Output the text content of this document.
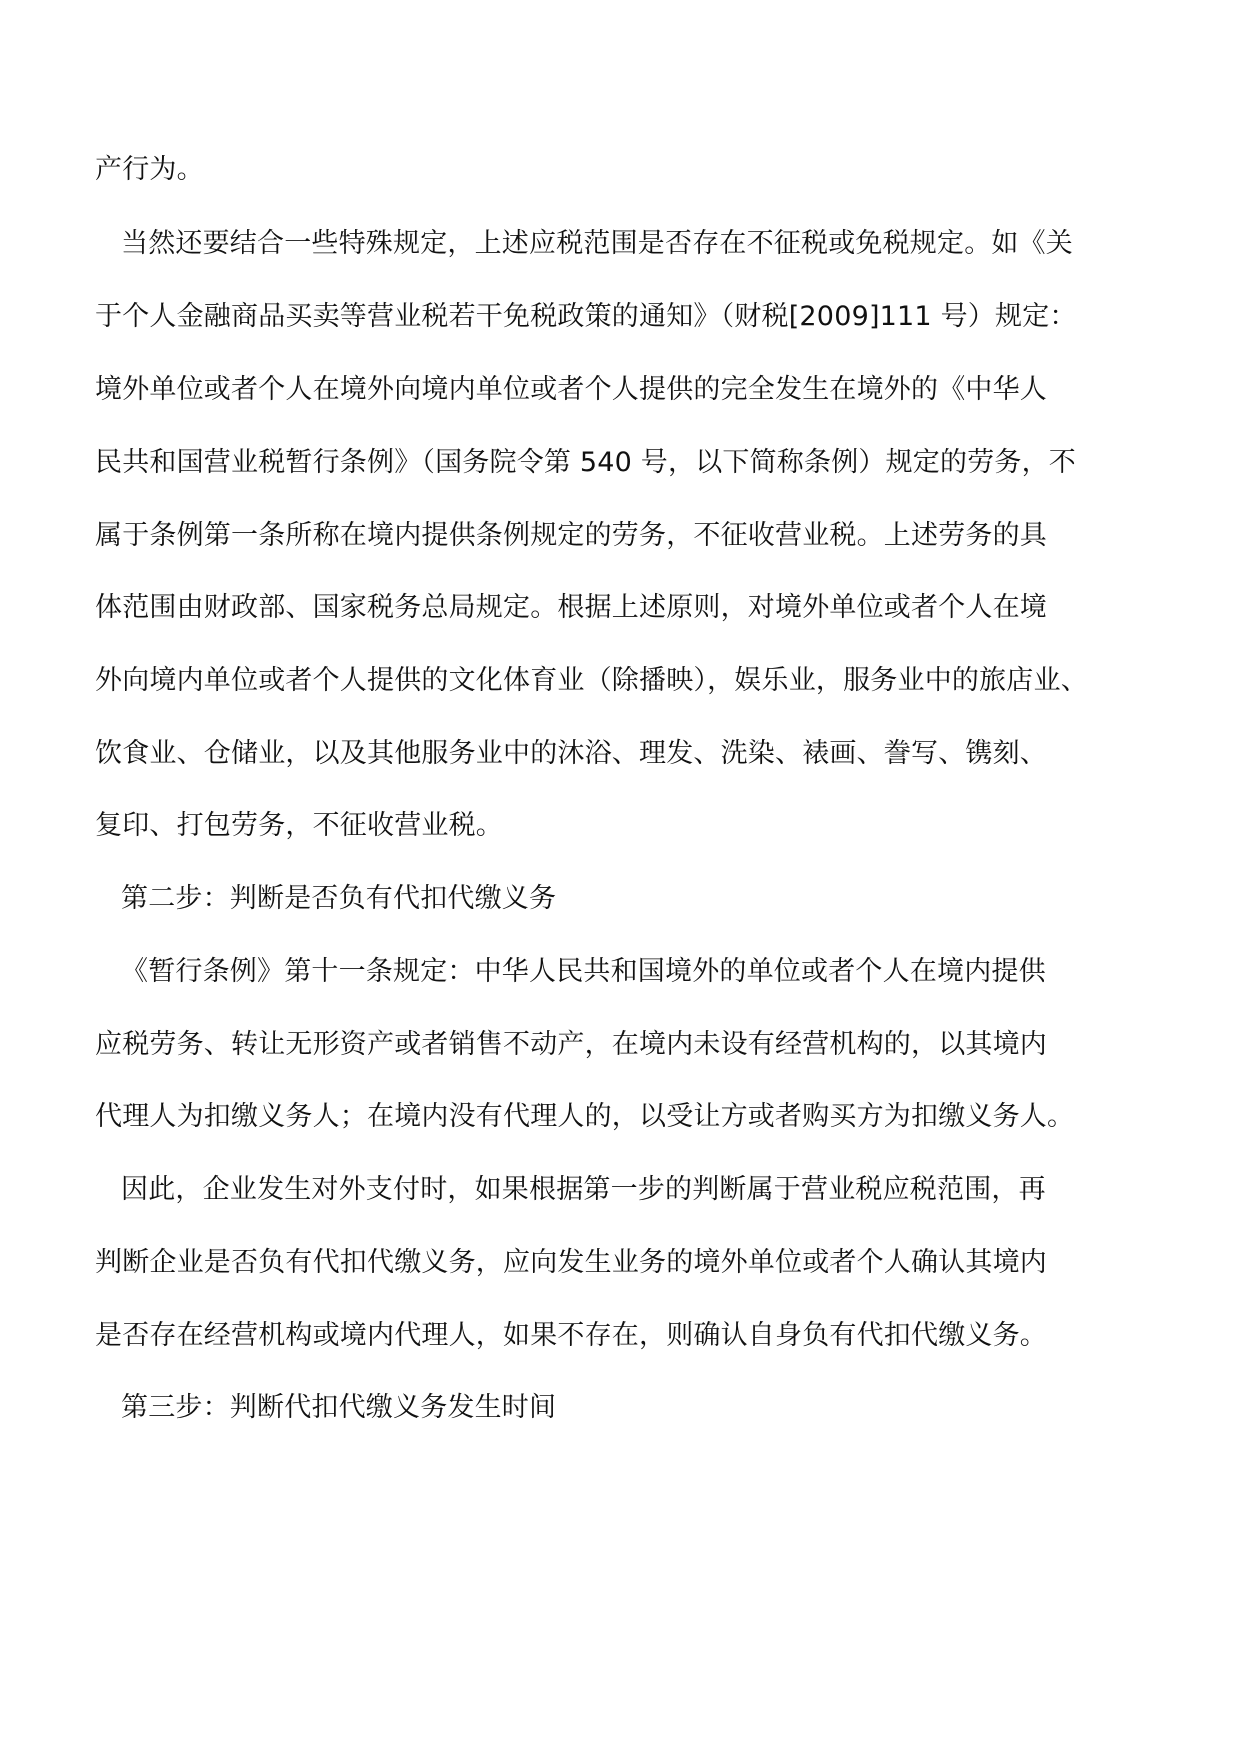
产行为。

当然还要结合一些特殊规定，上述应税范围是否存在不征税或免税规定。如《关

于个人金融商品买卖等营业税若干免税政策的通知》（财税[2009]111 号）规定：

境外单位或者个人在境外向境内单位或者个人提供的完全发生在境外的《中华人

民共和国营业税暂行条例》（国务院令第 540 号，以下简称条例）规定的劳务，不

属于条例第一条所称在境内提供条例规定的劳务，不征收营业税。上述劳务的具

体范围由财政部、国家税务总局规定。根据上述原则，对境外单位或者个人在境

外向境内单位或者个人提供的文化体育业（除播映），娱乐业，服务业中的旅店业、

饮食业、仓储业，以及其他服务业中的沐浴、理发、洗染、裱画、誊写、镌刻、

复印、打包劳务，不征收营业税。

第二步：判断是否负有代扣代缴义务

《暂行条例》第十一条规定：中华人民共和国境外的单位或者个人在境内提供

应税劳务、转让无形资产或者销售不动产，在境内未设有经营机构的，以其境内

代理人为扣缴义务人；在境内没有代理人的，以受让方或者购买方为扣缴义务人。

因此，企业发生对外支付时，如果根据第一步的判断属于营业税应税范围，再

判断企业是否负有代扣代缴义务，应向发生业务的境外单位或者个人确认其境内

是否存在经营机构或境内代理人，如果不存在，则确认自身负有代扣代缴义务。

第三步：判断代扣代缴义务发生时间
